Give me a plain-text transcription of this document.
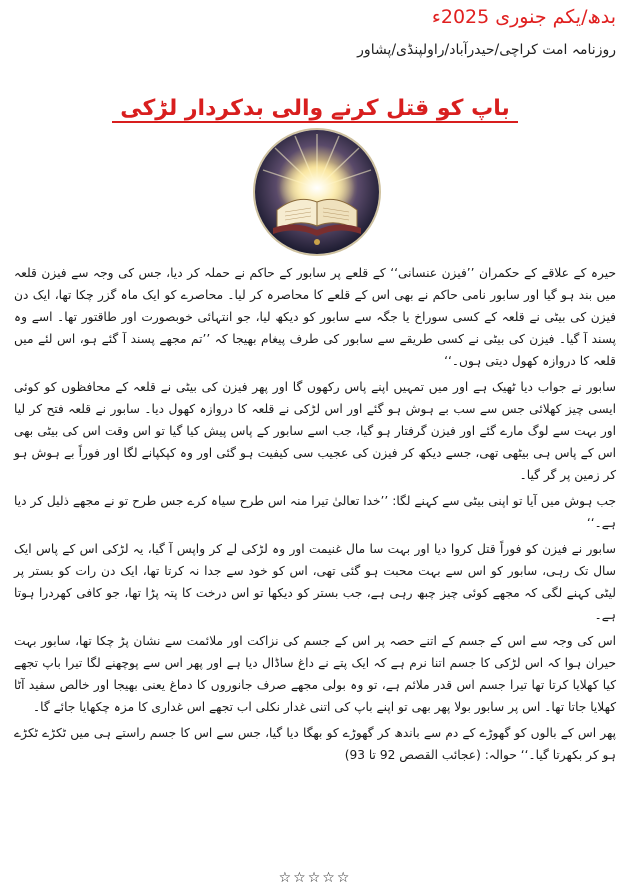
بدھ/یکم جنوری 2025ء
روزنامہ امت کراچی/حیدرآباد/راولپنڈی/پشاور
باپ کو قتل کرنے والی بدکردار لڑکی

حیرہ کے علاقے کے حکمران ’’فیزن عنسانی‘‘ کے قلعے پر سابور کے حاکم نے حملہ کر دیا، جس کی وجہ سے فیزن قلعہ میں بند ہو گیا اور سابور نامی حاکم نے بھی اس کے قلعے کا محاصرہ کر لیا۔ محاصرے کو ایک ماہ گزر چکا تھا، ایک دن فیزن کی بیٹی نے قلعہ کے کسی سوراخ یا جگہ سے سابور کو دیکھ لیا، جو انتہائی خوبصورت اور طاقتور تھا۔ اسے وہ پسند آ گیا۔ فیزن کی بیٹی نے کسی طریقے سے سابور کی طرف پیغام بھیجا کہ ’’تم مجھے پسند آ گئے ہو، اس لئے میں قلعہ کا دروازہ کھول دیتی ہوں۔‘‘

سابور نے جواب دیا ٹھیک ہے اور میں تمہیں اپنے پاس رکھوں گا اور پھر فیزن کی بیٹی نے قلعہ کے محافظوں کو کوئی ایسی چیز کھلائی جس سے سب بے ہوش ہو گئے اور اس لڑکی نے قلعہ کا دروازہ کھول دیا۔ سابور نے قلعہ فتح کر لیا اور بہت سے لوگ مارے گئے اور فیزن گرفتار ہو گیا، جب اسے سابور کے پاس پیش کیا گیا تو اس وقت اس کی بیٹی بھی اس کے پاس ہی بیٹھی تھی، جسے دیکھ کر فیزن کی عجیب سی کیفیت ہو گئی اور وہ کپکپانے لگا اور فوراً بے ہوش ہو کر زمین پر گر گیا۔

جب ہوش میں آیا تو اپنی بیٹی سے کہنے لگا: ’’خدا تعالیٰ تیرا منہ اس طرح سیاہ کرے جس طرح تو نے مجھے ذلیل کر دیا ہے۔‘‘

سابور نے فیزن کو فوراً قتل کروا دیا اور بہت سا مال غنیمت اور وہ لڑکی لے کر واپس آ گیا، یہ لڑکی اس کے پاس ایک سال تک رہی، سابور کو اس سے بہت محبت ہو گئی تھی، اس کو خود سے جدا نہ کرتا تھا، ایک دن رات کو بستر پر لیٹی کہنے لگی کہ مجھے کوئی چیز چبھ رہی ہے، جب بستر کو دیکھا تو اس درخت کا پتہ پڑا تھا، جو کافی کھردرا ہوتا ہے۔

اس کی وجہ سے اس کے جسم کے اتنے حصہ پر اس کے جسم کی نزاکت اور ملائمت سے نشان پڑ چکا تھا، سابور بہت حیران ہوا کہ اس لڑکی کا جسم اتنا نرم ہے کہ ایک پتے نے داغ ساڈال دیا ہے اور پھر اس سے پوچھنے لگا تیرا باپ تجھے کیا کھلایا کرتا تھا تیرا جسم اس قدر ملائم ہے، تو وہ بولی مجھے صرف جانوروں کا دماغ یعنی بھیجا اور خالص سفید آٹا کھلایا جاتا تھا۔ اس پر سابور بولا پھر بھی تو اپنے باپ کی اتنی غدار نکلی اب تجھے اس غداری کا مزہ چکھایا جائے گا۔

پھر اس کے بالوں کو گھوڑے کے دم سے باندھ کر گھوڑے کو بھگا دیا گیا، جس سے اس کا جسم راستے ہی میں ٹکڑے ٹکڑے ہو کر بکھرتا گیا۔‘‘ حوالہ: (عجائب القصص 92 تا 93)

☆☆☆☆☆
